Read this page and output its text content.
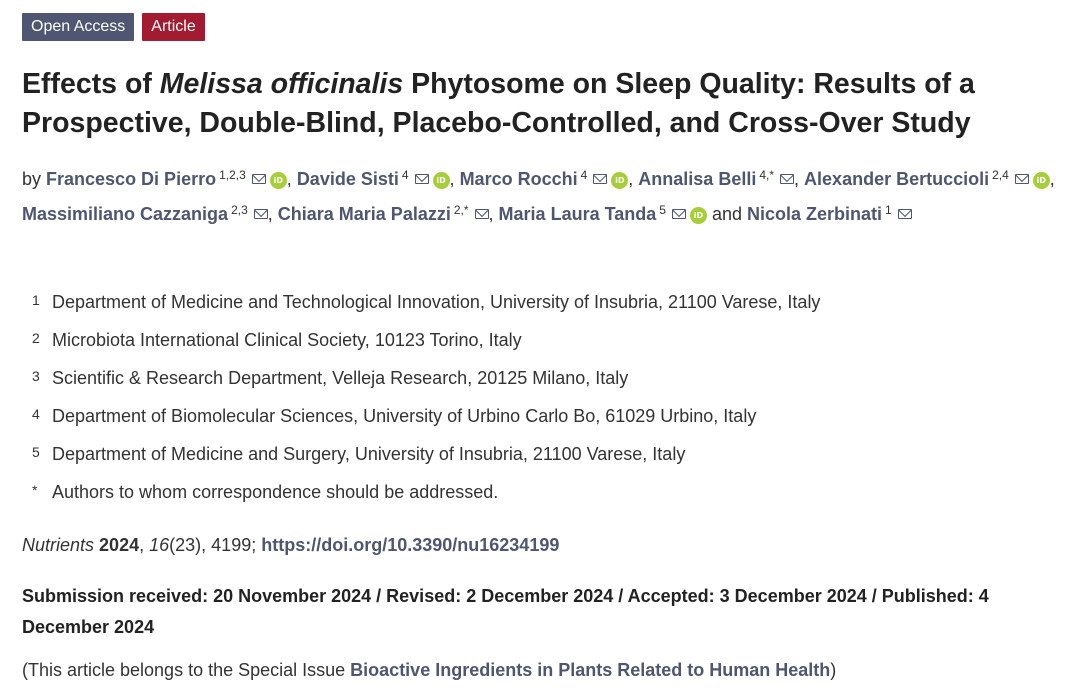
Open Access	Article
Effects of Melissa officinalis Phytosome on Sleep Quality: Results of a
Prospective, Double-Blind, Placebo-Controlled, and Cross-Over Study
by Francesco Di Pierro $^{1,2,3}$	iD , Davide Sisti $^4$	iD , Marco Rocchi $^4$	iD , Annalisa Belli $^{4,*}$ , Alexander Bertuccioli $^{2,4}$	iD , Massimiliano Cazzaniga $^{2,3}$ , Chiara Maria Palazzi $^{2,*}$ , Maria Laura Tanda $^5$	iD and Nicola Zerbinati $^1$
1 Department of Medicine and Technological Innovation, University of Insubria, 21100 Varese, Italy
2 Microbiota International Clinical Society, 10123 Torino, Italy
3 Scientific & Research Department, Velleja Research, 20125 Milano, Italy
4 Department of Biomolecular Sciences, University of Urbino Carlo Bo, 61029 Urbino, Italy
5 Department of Medicine and Surgery, University of Insubria, 21100 Varese, Italy
* Authors to whom correspondence should be addressed.
Nutrients 2024, 16(23), 4199; https://doi.org/10.3390/nu16234199

Submission received: 20 November 2024 / Revised: 2 December 2024 / Accepted: 3 December 2024 / Published: 4 December 2024

(This article belongs to the Special Issue Bioactive Ingredients in Plants Related to Human Health)
